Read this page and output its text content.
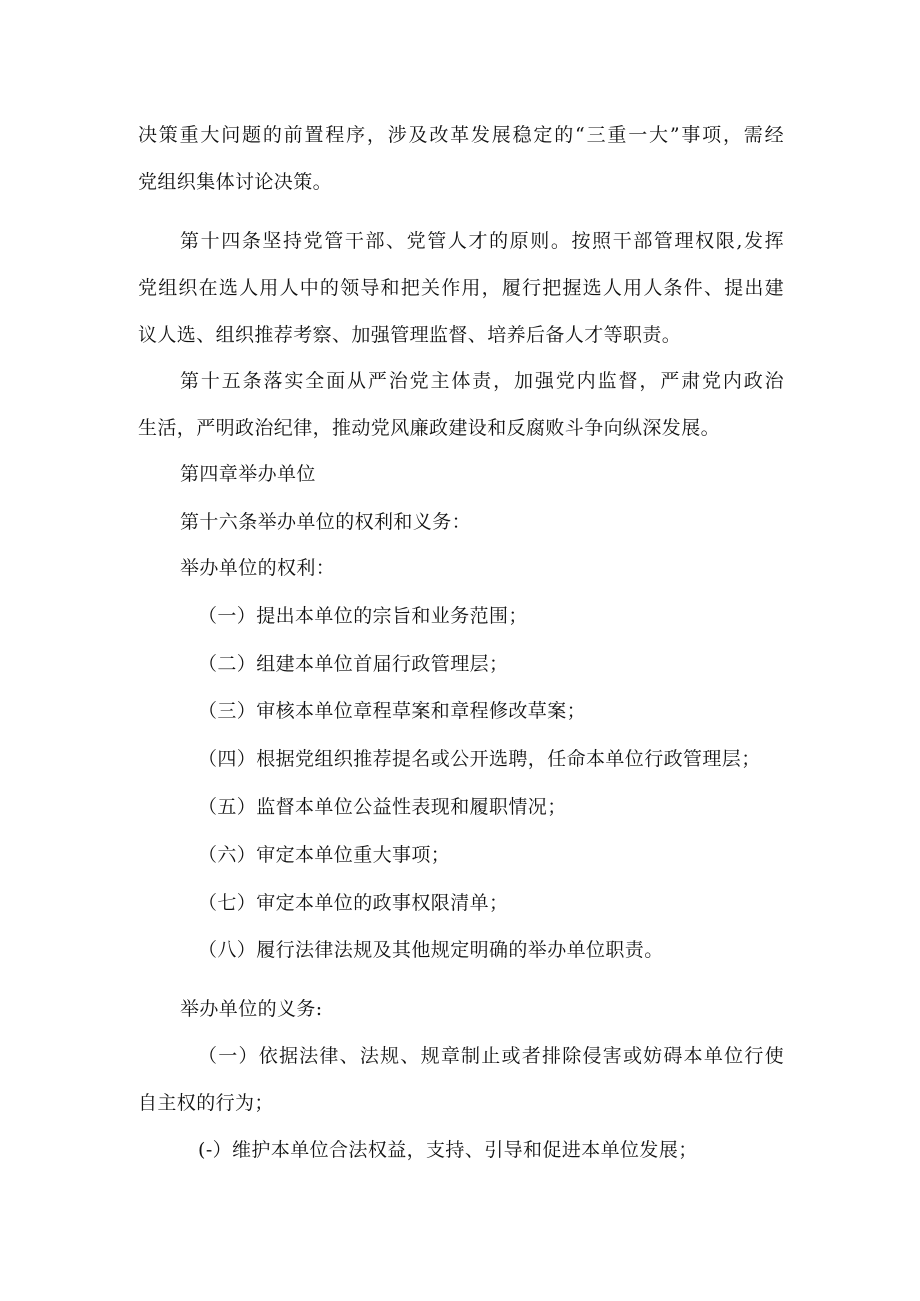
决策重大问题的前置程序，涉及改革发展稳定的“三重一大”事项，需经

党组织集体讨论决策。

第十四条坚持党管干部、党管人才的原则。按照干部管理权限,发挥

党组织在选人用人中的领导和把关作用，履行把握选人用人条件、提出建

议人选、组织推荐考察、加强管理监督、培养后备人才等职责。

第十五条落实全面从严治党主体责，加强党内监督，严肃党内政治

生活，严明政治纪律，推动党风廉政建设和反腐败斗争向纵深发展。

第四章举办单位

第十六条举办单位的权利和义务：

举办单位的权利：

（一）提出本单位的宗旨和业务范围；

（二）组建本单位首届行政管理层；

（三）审核本单位章程草案和章程修改草案；

（四）根据党组织推荐提名或公开选聘，任命本单位行政管理层；

（五）监督本单位公益性表现和履职情况；

（六）审定本单位重大事项；

（七）审定本单位的政事权限清单；

（八）履行法律法规及其他规定明确的举办单位职责。

举办单位的义务:

（一）依据法律、法规、规章制止或者排除侵害或妨碍本单位行使

自主权的行为；

(-）维护本单位合法权益，支持、引导和促进本单位发展；
